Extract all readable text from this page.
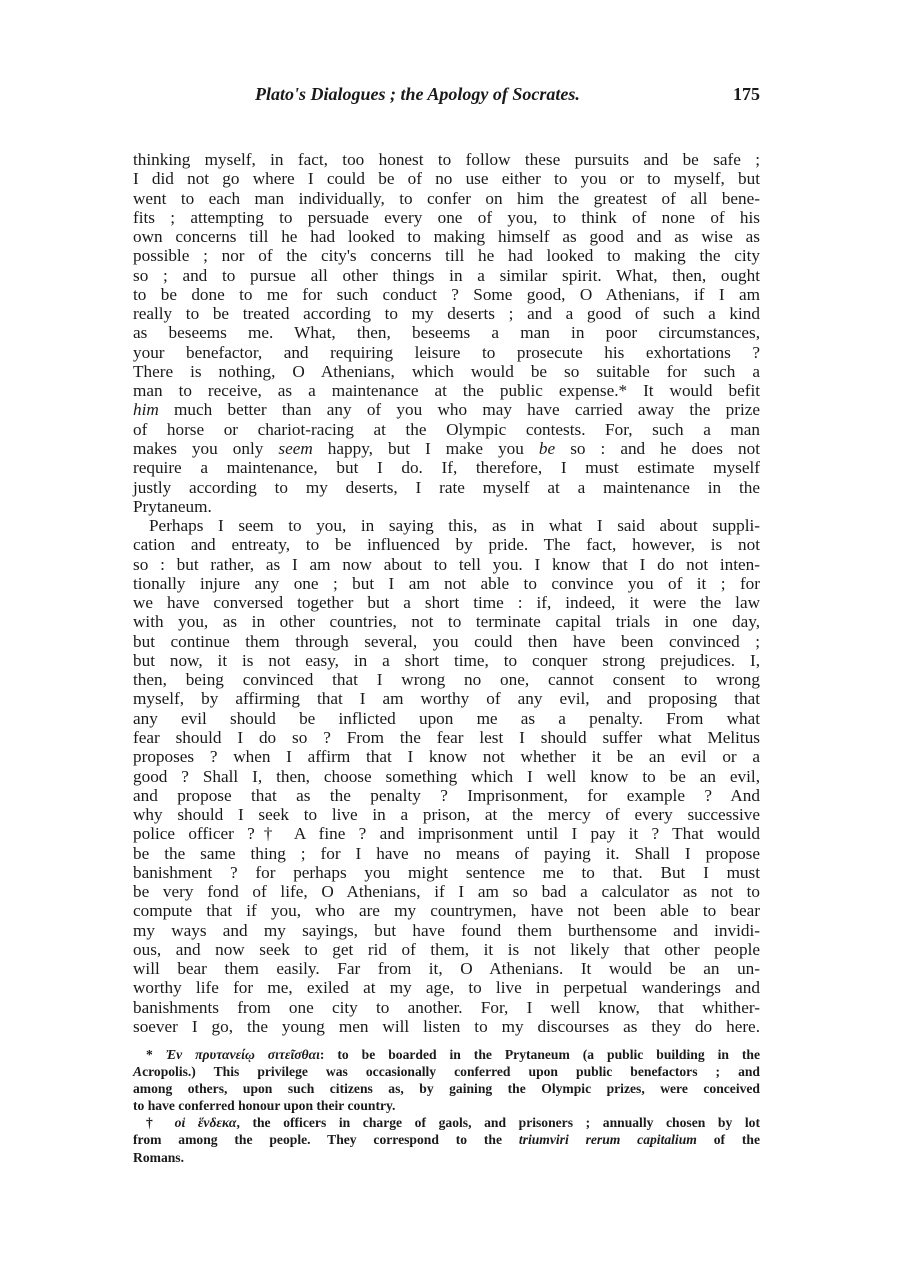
Plato's Dialogues ; the Apology of Socrates.	175
thinking myself, in fact, too honest to follow these pursuits and be safe ;
I did not go where I could be of no use either to you or to myself, but
went to each man individually, to confer on him the greatest of all bene-
fits ; attempting to persuade every one of you, to think of none of his
own concerns till he had looked to making himself as good and as wise as
possible ; nor of the city's concerns till he had looked to making the city
so ; and to pursue all other things in a similar spirit. What, then, ought
to be done to me for such conduct ? Some good, O Athenians, if I am
really to be treated according to my deserts ; and a good of such a kind
as beseems me. What, then, beseems a man in poor circumstances,
your benefactor, and requiring leisure to prosecute his exhortations ?
There is nothing, O Athenians, which would be so suitable for such a
man to receive, as a maintenance at the public expense.* It would befit
him much better than any of you who may have carried away the prize
of horse or chariot-racing at the Olympic contests. For, such a man
makes you only seem happy, but I make you be so : and he does not
require a maintenance, but I do. If, therefore, I must estimate myself
justly according to my deserts, I rate myself at a maintenance in the
Prytaneum.
Perhaps I seem to you, in saying this, as in what I said about suppli-
cation and entreaty, to be influenced by pride. The fact, however, is not
so : but rather, as I am now about to tell you. I know that I do not inten-
tionally injure any one ; but I am not able to convince you of it ; for
we have conversed together but a short time : if, indeed, it were the law
with you, as in other countries, not to terminate capital trials in one day,
but continue them through several, you could then have been convinced ;
but now, it is not easy, in a short time, to conquer strong prejudices. I,
then, being convinced that I wrong no one, cannot consent to wrong
myself, by affirming that I am worthy of any evil, and proposing that
any evil should be inflicted upon me as a penalty. From what
fear should I do so ? From the fear lest I should suffer what Melitus
proposes ? when I affirm that I know not whether it be an evil or a
good ? Shall I, then, choose something which I well know to be an evil,
and propose that as the penalty ? Imprisonment, for example ? And
why should I seek to live in a prison, at the mercy of every successive
police officer ?† A fine ? and imprisonment until I pay it ? That would
be the same thing ; for I have no means of paying it. Shall I propose
banishment ? for perhaps you might sentence me to that. But I must
be very fond of life, O Athenians, if I am so bad a calculator as not to
compute that if you, who are my countrymen, have not been able to bear
my ways and my sayings, but have found them burthensome and invidi-
ous, and now seek to get rid of them, it is not likely that other people
will bear them easily. Far from it, O Athenians. It would be an un-
worthy life for me, exiled at my age, to live in perpetual wanderings and
banishments from one city to another. For, I well know, that whither-
soever I go, the young men will listen to my discourses as they do here.
* Ἐν πρυτανείῳ σιτεῖσθαι: to be boarded in the Prytaneum (a public building in the
Acropolis.) This privilege was occasionally conferred upon public benefactors ; and
among others, upon such citizens as, by gaining the Olympic prizes, were conceived
to have conferred honour upon their country.
† οἱ ἕνδεκα, the officers in charge of gaols, and prisoners ; annually chosen by lot
from among the people. They correspond to the triumviri rerum capitalium of the
Romans.
